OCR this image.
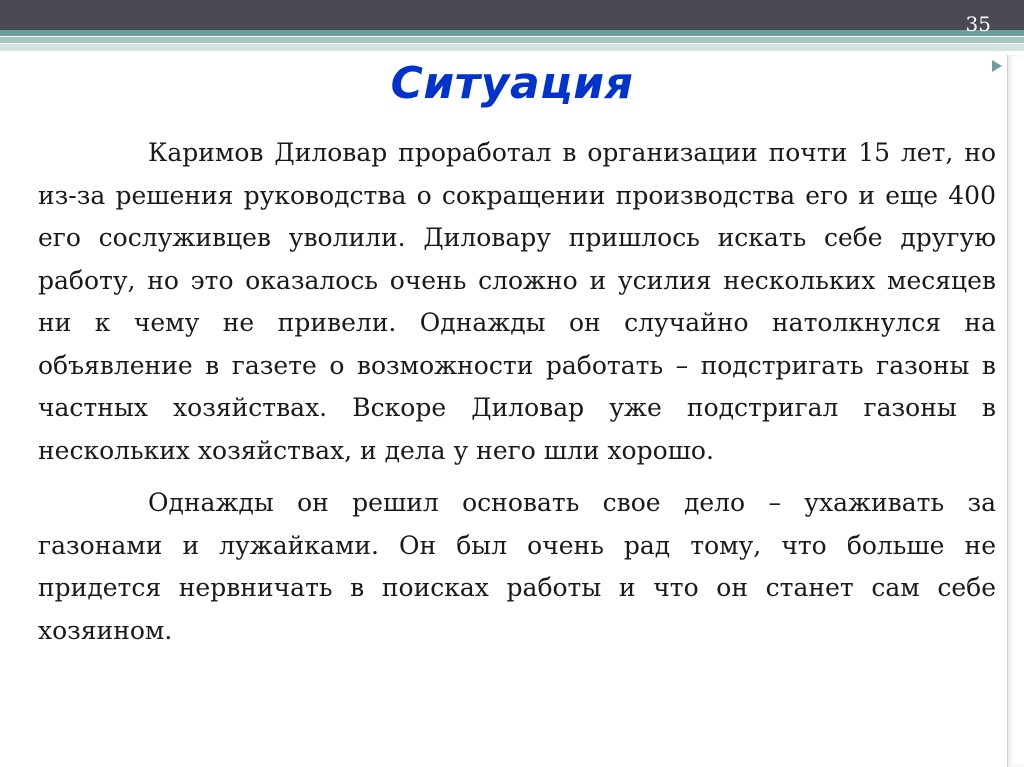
35
Ситуация

Каримов Диловар проработал в организации почти 15 лет, но из-за решения руководства о сокращении производства его и еще 400 его сослуживцев уволили. Диловару пришлось искать себе другую работу, но это оказалось очень сложно и усилия нескольких месяцев ни к чему не привели. Однажды он случайно натолкнулся на объявление в газете о возможности работать – подстригать газоны в частных хозяйствах. Вскоре Диловар уже подстригал газоны в нескольких хозяйствах, и дела у него шли хорошо.

Однажды он решил основать свое дело – ухаживать за газонами и лужайками. Он был очень рад тому, что больше не придется нервничать в поисках работы и что он станет сам себе хозяином.
